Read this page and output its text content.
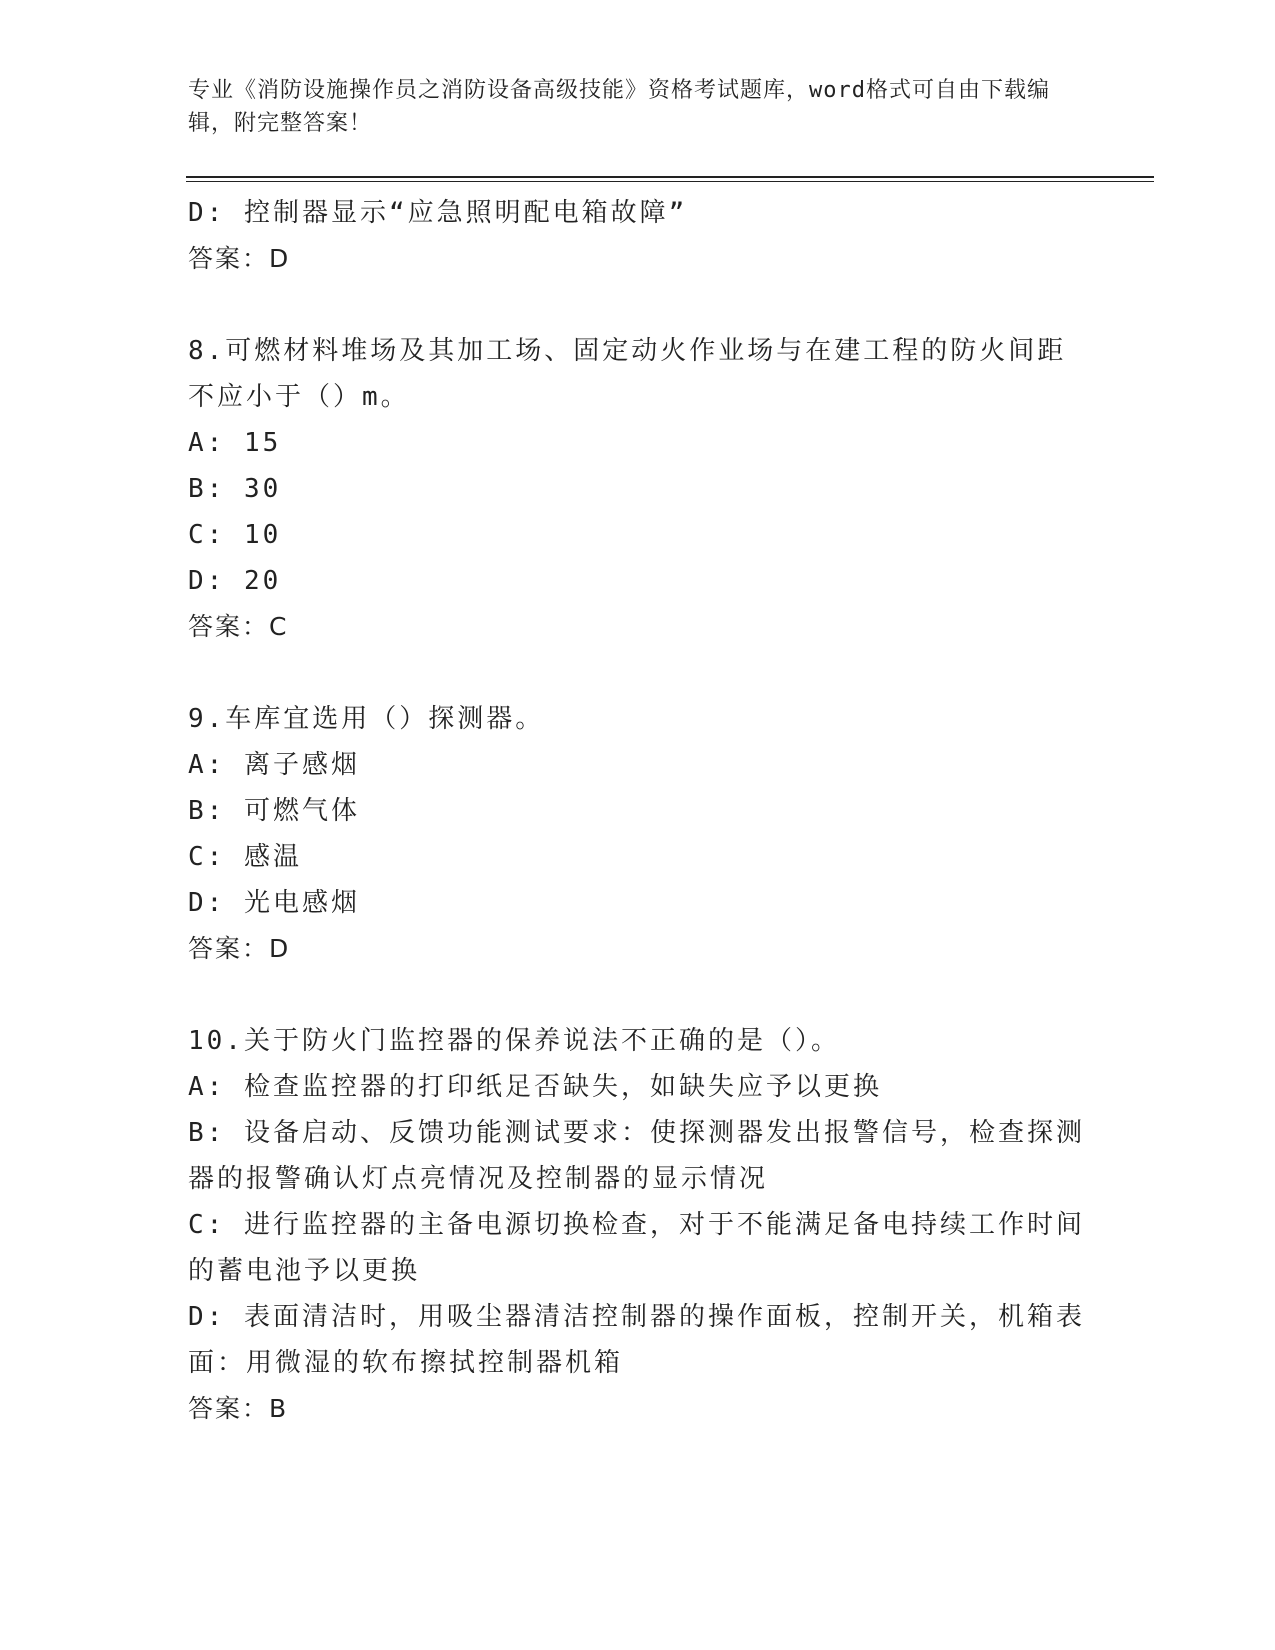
专业《消防设施操作员之消防设备高级技能》资格考试题库，word格式可自由下载编辑，附完整答案！
D: 控制器显示“应急照明配电箱故障”
答案：D
8.可燃材料堆场及其加工场、固定动火作业场与在建工程的防火间距不应小于（）m。
A: 15
B: 30
C: 10
D: 20
答案：C
9.车库宜选用（）探测器。
A: 离子感烟
B: 可燃气体
C: 感温
D: 光电感烟
答案：D
10.关于防火门监控器的保养说法不正确的是（）。
A: 检查监控器的打印纸足否缺失，如缺失应予以更换
B: 设备启动、反馈功能测试要求：使探测器发出报警信号，检查探测器的报警确认灯点亮情况及控制器的显示情况
C: 进行监控器的主备电源切换检查，对于不能满足备电持续工作时间的蓄电池予以更换
D: 表面清洁时，用吸尘器清洁控制器的操作面板，控制开关，机箱表面：用微湿的软布擦拭控制器机箱
答案：B
